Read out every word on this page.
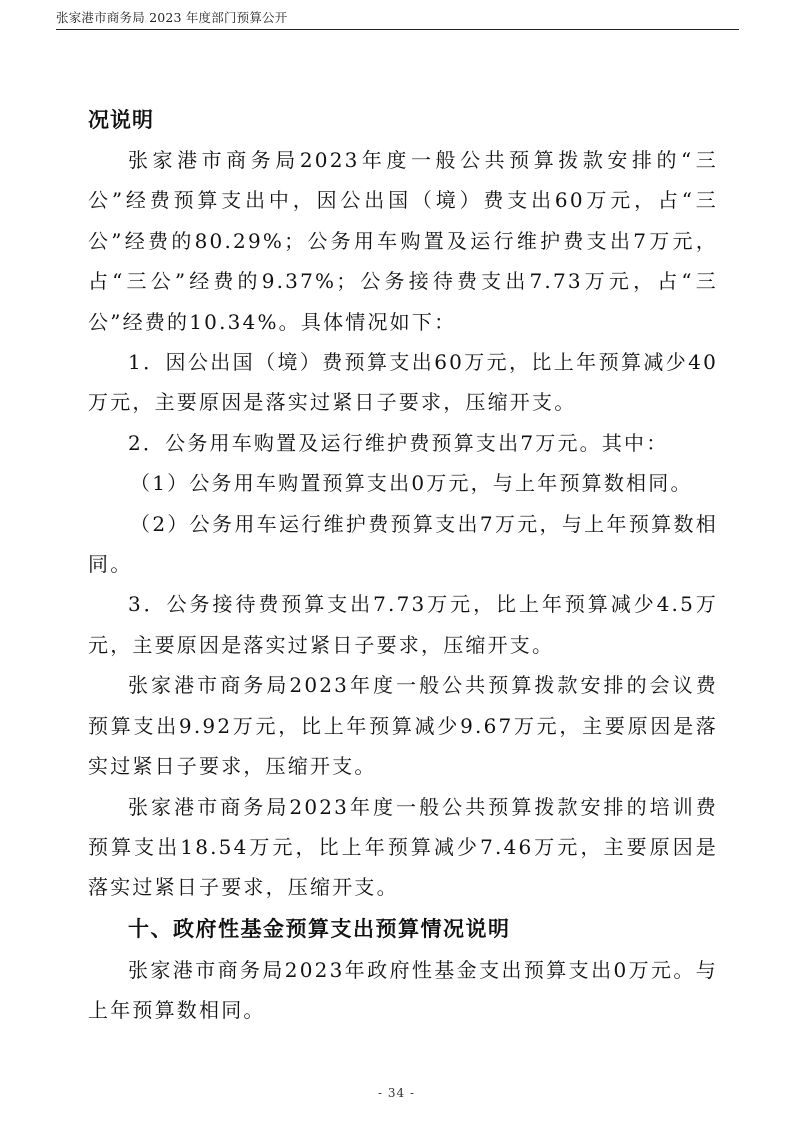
张家港市商务局 2023 年度部门预算公开

况说明

张家港市商务局2023年度一般公共预算拨款安排的“三公”经费预算支出中，因公出国（境）费支出60万元，占“三公”经费的80.29%；公务用车购置及运行维护费支出7万元，占“三公”经费的9.37%；公务接待费支出7.73万元，占“三公”经费的10.34%。具体情况如下：

1．因公出国（境）费预算支出60万元，比上年预算减少40万元，主要原因是落实过紧日子要求，压缩开支。

2．公务用车购置及运行维护费预算支出7万元。其中：

（1）公务用车购置预算支出0万元，与上年预算数相同。

（2）公务用车运行维护费预算支出7万元，与上年预算数相同。

3．公务接待费预算支出7.73万元，比上年预算减少4.5万元，主要原因是落实过紧日子要求，压缩开支。

张家港市商务局2023年度一般公共预算拨款安排的会议费预算支出9.92万元，比上年预算减少9.67万元，主要原因是落实过紧日子要求，压缩开支。

张家港市商务局2023年度一般公共预算拨款安排的培训费预算支出18.54万元，比上年预算减少7.46万元，主要原因是落实过紧日子要求，压缩开支。

十、政府性基金预算支出预算情况说明

张家港市商务局2023年政府性基金支出预算支出0万元。与上年预算数相同。

- 34 -
